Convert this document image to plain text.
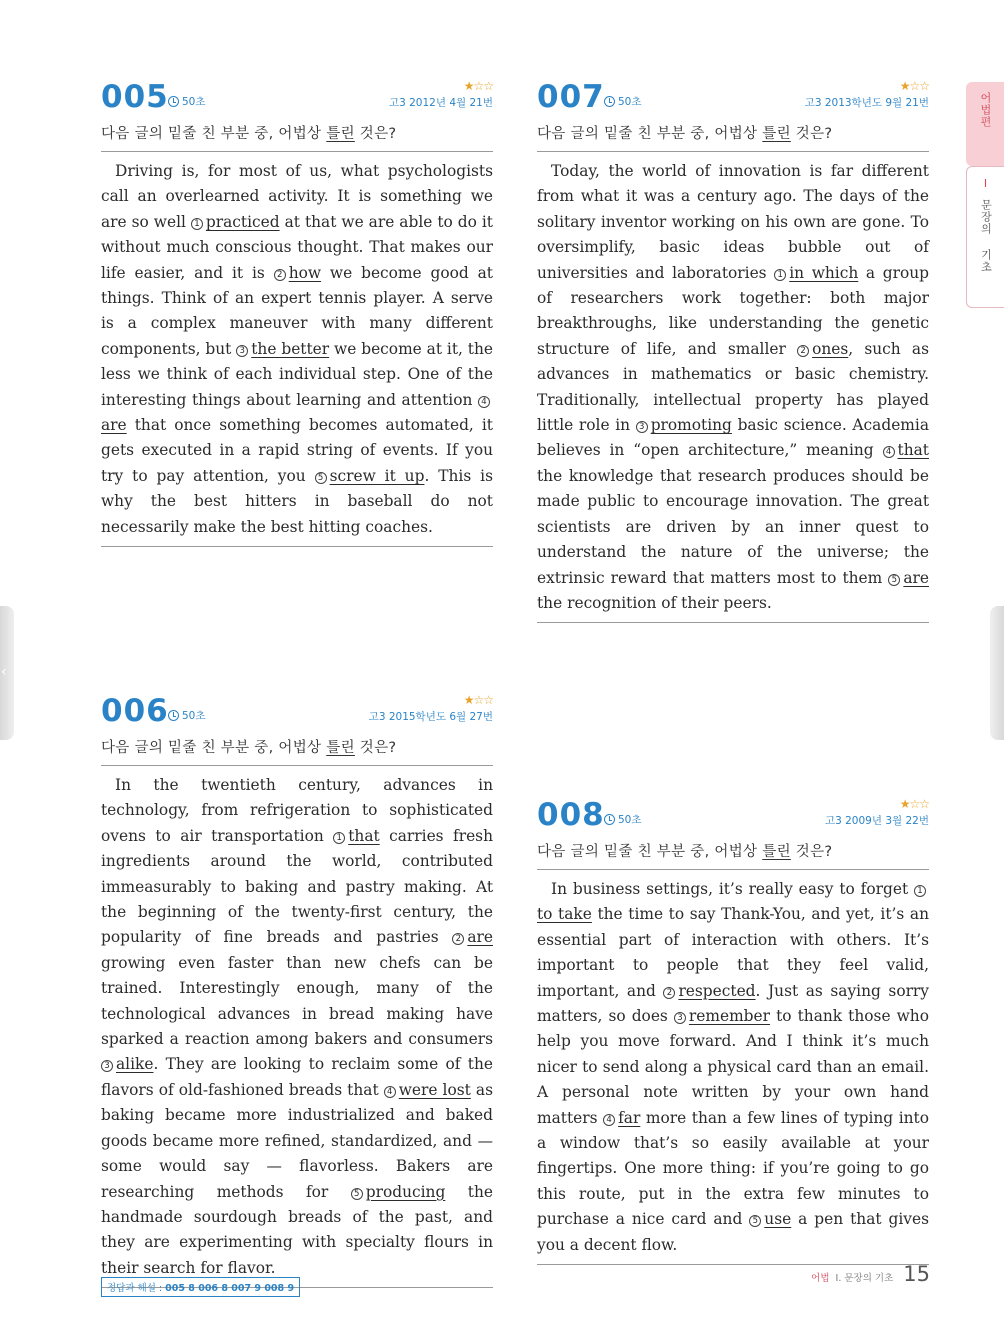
005 50초
★☆☆
고3 2012년 4월 21번
다음 글의 밑줄 친 부분 중, 어법상 틀린 것은?

Driving is, for most of us, what psychologists call an overlearned activity. It is something we are so well 1 practiced at that we are able to do it without much conscious thought. That makes our life easier, and it is 2 how we become good at things. Think of an expert tennis player. A serve is a complex maneuver with many different components, but 3 the better we become at it, the less we think of each individual step. One of the interesting things about learning and attention 4are that once something becomes automated, it gets executed in a rapid string of events. If you try to pay attention, you 5 screw it up. This is why the best hitters in baseball do not necessarily make the best hitting coaches.

006 50초
★☆☆
고3 2015학년도 6월 27번
다음 글의 밑줄 친 부분 중, 어법상 틀린 것은?

In the twentieth century, advances in technology, from refrigeration to sophisticated ovens to air transportation 1 that carries fresh ingredients around the world, contributed immeasurably to baking and pastry making. At the beginning of the twenty-first century, the popularity of fine breads and pastries 2 are growing even faster than new chefs can be trained. Interestingly enough, many of the technological advances in bread making have sparked a reaction among bakers and consumers 3 alike. They are looking to reclaim some of the flavors of old-fashioned breads that 4 were lost as baking became more industrialized and baked goods became more refined, standardized, and — some would say — flavorless. Bakers are researching methods for 5 producing the handmade sourdough breads of the past, and they are experimenting with specialty flours in their search for flavor.

007 50초
★☆☆
고3 2013학년도 9월 21번
다음 글의 밑줄 친 부분 중, 어법상 틀린 것은?

Today, the world of innovation is far different from what it was a century ago. The days of the solitary inventor working on his own are gone. To oversimplify, basic ideas bubble out of universities and laboratories 1 in which a group of researchers work together: both major breakthroughs, like understanding the genetic structure of life, and smaller 2 ones, such as advances in mathematics or basic chemistry. Traditionally, intellectual property has played little role in 3 promoting basic science. Academia believes in “open architecture,” meaning 4 that the knowledge that research produces should be made public to encourage innovation. The great scientists are driven by an inner quest to understand the nature of the universe; the extrinsic reward that matters most to them 5 are the recognition of their peers.

008 50초
★☆☆
고3 2009년 3월 22번
다음 글의 밑줄 친 부분 중, 어법상 틀린 것은?

In business settings, it’s really easy to forget 1to take the time to say Thank-You, and yet, it’s an essential part of interaction with others. It’s important to people that they feel valid, important, and 2 respected. Just as saying sorry matters, so does 3 remember to thank those who help you move forward. And I think it’s much nicer to send along a physical card than an email. A personal note written by your own hand matters 4 far more than a few lines of typing into a window that’s so easily available at your fingertips. One more thing: if you’re going to go this route, put in the extra few minutes to purchase a nice card and 5 use a pen that gives you a decent flow.

어법편
I
문장의 기초
‹
정답과 해설 : 005 8 006 8 007 9 008 9
어법 I. 문장의 기초 15
